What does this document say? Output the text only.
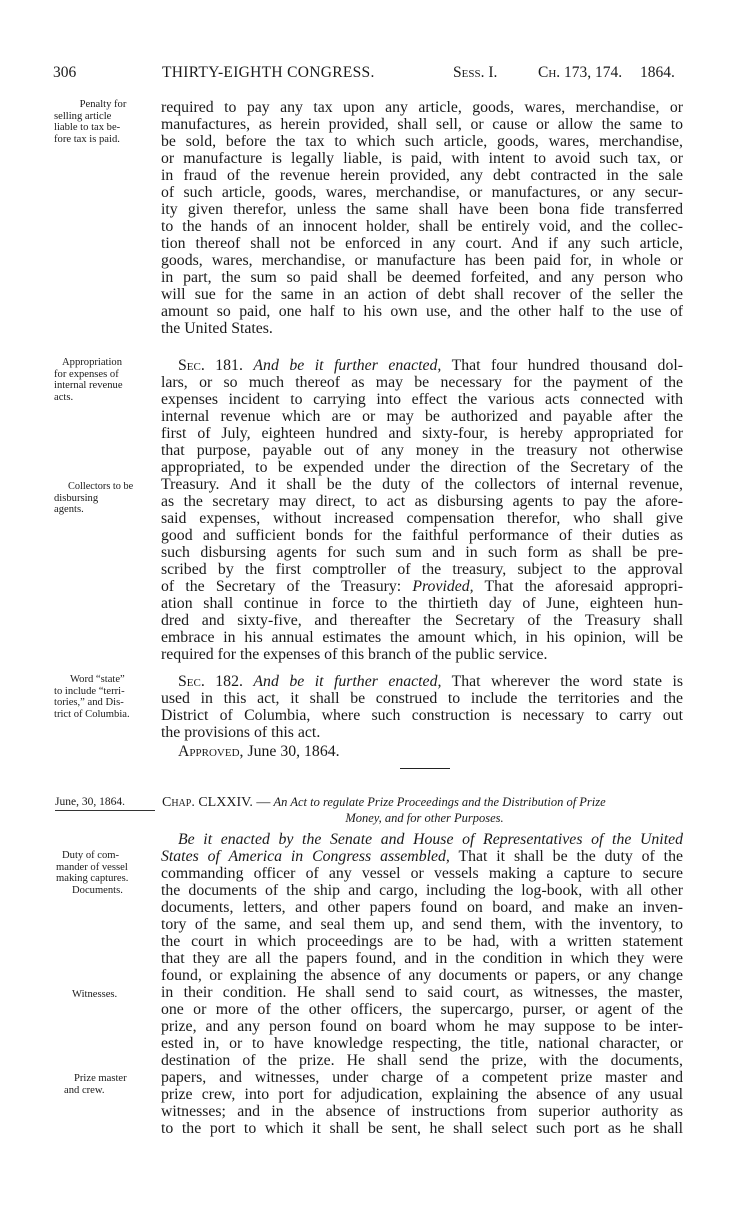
306	THIRTY-EIGHTH CONGRESS.	Sess. I.	Ch. 173, 174. 1864.
Penalty for
selling article
liable to tax be-
fore tax is paid.
required to pay any tax upon any article, goods, wares, merchandise, or
manufactures, as herein provided, shall sell, or cause or allow the same to
be sold, before the tax to which such article, goods, wares, merchandise,
or manufacture is legally liable, is paid, with intent to avoid such tax, or
in fraud of the revenue herein provided, any debt contracted in the sale
of such article, goods, wares, merchandise, or manufactures, or any secur-
ity given therefor, unless the same shall have been bona fide transferred
to the hands of an innocent holder, shall be entirely void, and the collec-
tion thereof shall not be enforced in any court. And if any such article,
goods, wares, merchandise, or manufacture has been paid for, in whole or
in part, the sum so paid shall be deemed forfeited, and any person who
will sue for the same in an action of debt shall recover of the seller the
amount so paid, one half to his own use, and the other half to the use of
the United States.
Appropriation
for expenses of
internal revenue
acts.
Sec. 181. And be it further enacted, That four hundred thousand dol-
lars, or so much thereof as may be necessary for the payment of the
expenses incident to carrying into effect the various acts connected with
internal revenue which are or may be authorized and payable after the
first of July, eighteen hundred and sixty-four, is hereby appropriated for
that purpose, payable out of any money in the treasury not otherwise
appropriated, to be expended under the direction of the Secretary of the
Treasury. And it shall be the duty of the collectors of internal revenue,
as the secretary may direct, to act as disbursing agents to pay the afore-
said expenses, without increased compensation therefor, who shall give
good and sufficient bonds for the faithful performance of their duties as
such disbursing agents for such sum and in such form as shall be pre-
scribed by the first comptroller of the treasury, subject to the approval
of the Secretary of the Treasury: Provided, That the aforesaid appropri-
ation shall continue in force to the thirtieth day of June, eighteen hun-
dred and sixty-five, and thereafter the Secretary of the Treasury shall
embrace in his annual estimates the amount which, in his opinion, will be
required for the expenses of this branch of the public service.
Collectors to be
disbursing
agents.
Word “state”
to include “terri-
tories,” and Dis-
trict of Columbia.
Sec. 182. And be it further enacted, That wherever the word state is
used in this act, it shall be construed to include the territories and the
District of Columbia, where such construction is necessary to carry out
the provisions of this act.
Approved, June 30, 1864.
June, 30, 1864.	Chap. CLXXIV. — An Act to regulate Prize Proceedings and the Distribution of Prize
Money, and for other Purposes.
Be it enacted by the Senate and House of Representatives of the United
States of America in Congress assembled, That it shall be the duty of the
Duty of com-
mander of vessel
making captures.
Documents.
commanding officer of any vessel or vessels making a capture to secure
the documents of the ship and cargo, including the log-book, with all other
documents, letters, and other papers found on board, and make an inven-
tory of the same, and seal them up, and send them, with the inventory, to
the court in which proceedings are to be had, with a written statement
that they are all the papers found, and in the condition in which they were
found, or explaining the absence of any documents or papers, or any change
in their condition. He shall send to said court, as witnesses, the master,
one or more of the other officers, the supercargo, purser, or agent of the
prize, and any person found on board whom he may suppose to be inter-
ested in, or to have knowledge respecting, the title, national character, or
destination of the prize. He shall send the prize, with the documents,
papers, and witnesses, under charge of a competent prize master and
prize crew, into port for adjudication, explaining the absence of any usual
witnesses; and in the absence of instructions from superior authority as
to the port to which it shall be sent, he shall select such port as he shall
Witnesses.
Prize master
and crew.
